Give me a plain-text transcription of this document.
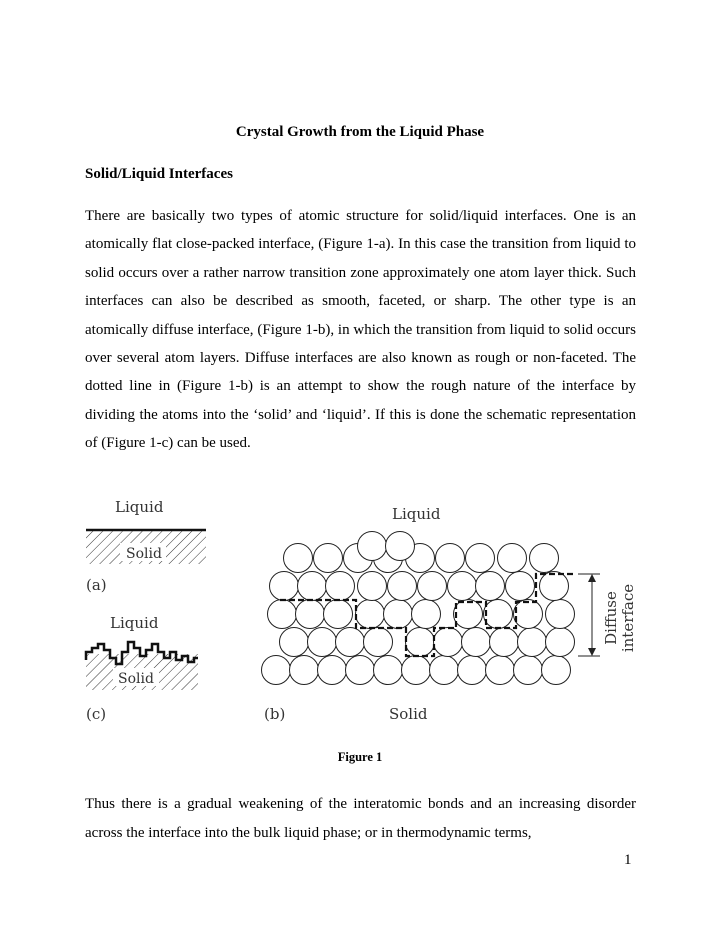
Crystal Growth from the Liquid Phase
Solid/Liquid Interfaces
There are basically two types of atomic structure for solid/liquid interfaces. One is an atomically flat close-packed interface, (Figure 1-a). In this case the transition from liquid to solid occurs over a rather narrow transition zone approximately one atom layer thick. Such interfaces can also be described as smooth, faceted, or sharp. The other type is an atomically diffuse interface, (Figure 1-b), in which the transition from liquid to solid occurs over several atom layers. Diffuse interfaces are also known as rough or non-faceted. The dotted line in (Figure 1-b) is an attempt to show the rough nature of the interface by dividing the atoms into the ‘solid’ and ‘liquid’. If this is done the schematic representation of (Figure 1-c) can be used.
Liquid
Solid
(a)
Liquid
Solid
(c)
Liquid
Diffuse interface
(b)	Solid
Figure 1
Thus there is a gradual weakening of the interatomic bonds and an increasing disorder across the interface into the bulk liquid phase; or in thermodynamic terms,
1
